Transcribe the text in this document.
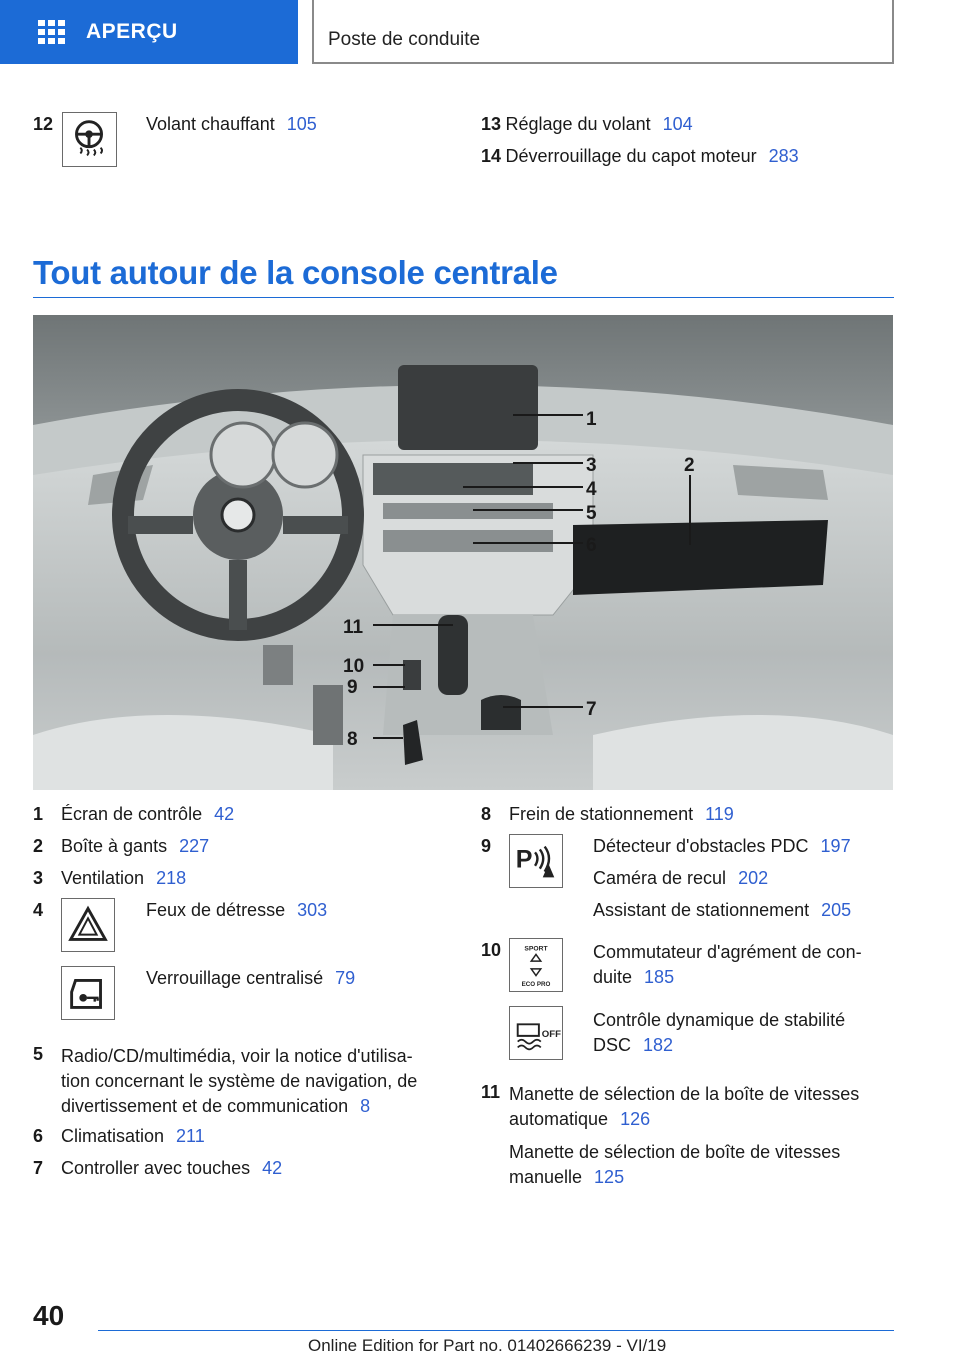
APERÇU	Poste de conduite
12	Volant chauffant 105	13 Réglage du volant 104
14 Déverrouillage du capot moteur 283
Tout autour de la console centrale
1
2
3
4
5
6
7
8
9
10
11
1 Écran de contrôle 42
2 Boîte à gants 227
3 Ventilation 218
4	Feux de détresse 303
Verrouillage centralisé 79
5 Radio/CD/multimédia, voir la notice d'utilisa-
tion concernant le système de navigation, de
divertissement et de communication 8
6 Climatisation 211
7 Controller avec touches 42
8 Frein de stationnement 119
9 P	Détecteur d'obstacles PDC 197
Caméra de recul 202
Assistant de stationnement 205
10	SPORT
ECO PRO
Commutateur d'agrément de con-
duite 185
OFF
Contrôle dynamique de stabilité
DSC 182
11 Manette de sélection de la boîte de vitesses
automatique 126
Manette de sélection de boîte de vitesses
manuelle 125
40
Online Edition for Part no. 01402666239 - VI/19
